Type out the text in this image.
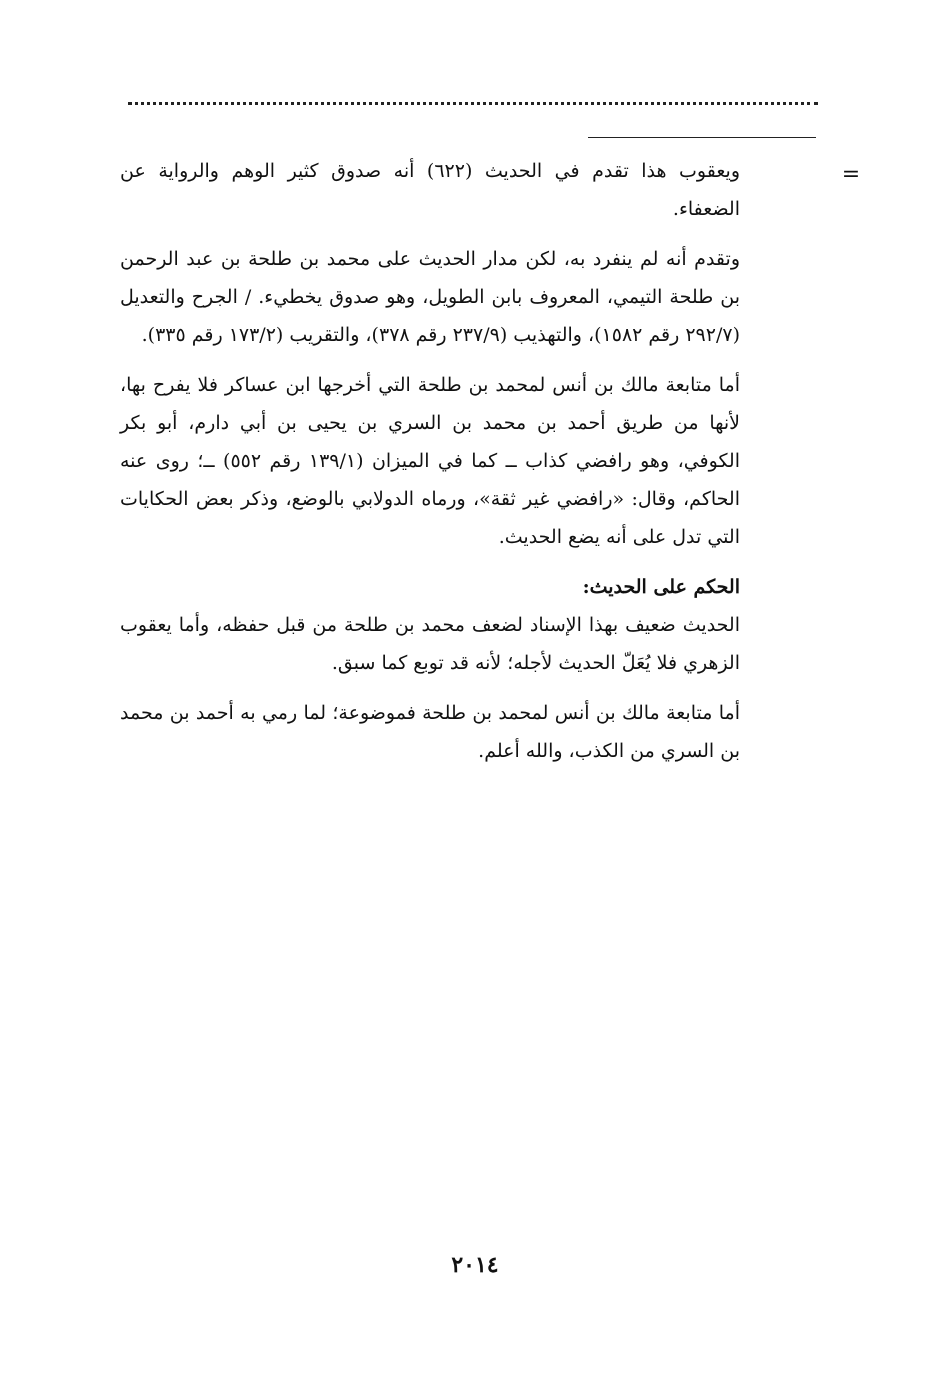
=

ويعقوب هذا تقدم في الحديث (٦٢٢) أنه صدوق كثير الوهم والرواية عن الضعفاء.

وتقدم أنه لم ينفرد به، لكن مدار الحديث على محمد بن طلحة بن عبد الرحمن بن طلحة التيمي، المعروف بابن الطويل، وهو صدوق يخطيء. / الجرح والتعديل (٢٩٢/٧ رقم ١٥٨٢)، والتهذيب (٢٣٧/٩ رقم ٣٧٨)، والتقريب (١٧٣/٢ رقم ٣٣٥).

أما متابعة مالك بن أنس لمحمد بن طلحة التي أخرجها ابن عساكر فلا يفرح بها، لأنها من طريق أحمد بن محمد بن السري بن يحيى بن أبي دارم، أبو بكر الكوفي، وهو رافضي كذاب ــ كما في الميزان (١٣٩/١ رقم ٥٥٢) ــ؛ روى عنه الحاكم، وقال: «رافضي غير ثقة»، ورماه الدولابي بالوضع، وذكر بعض الحكايات التي تدل على أنه يضع الحديث.

الحكم على الحديث:

الحديث ضعيف بهذا الإسناد لضعف محمد بن طلحة من قبل حفظه، وأما يعقوب الزهري فلا يُعَلّ الحديث لأجله؛ لأنه قد توبع كما سبق.

أما متابعة مالك بن أنس لمحمد بن طلحة فموضوعة؛ لما رمي به أحمد بن محمد بن السري من الكذب، والله أعلم.

٢٠١٤
